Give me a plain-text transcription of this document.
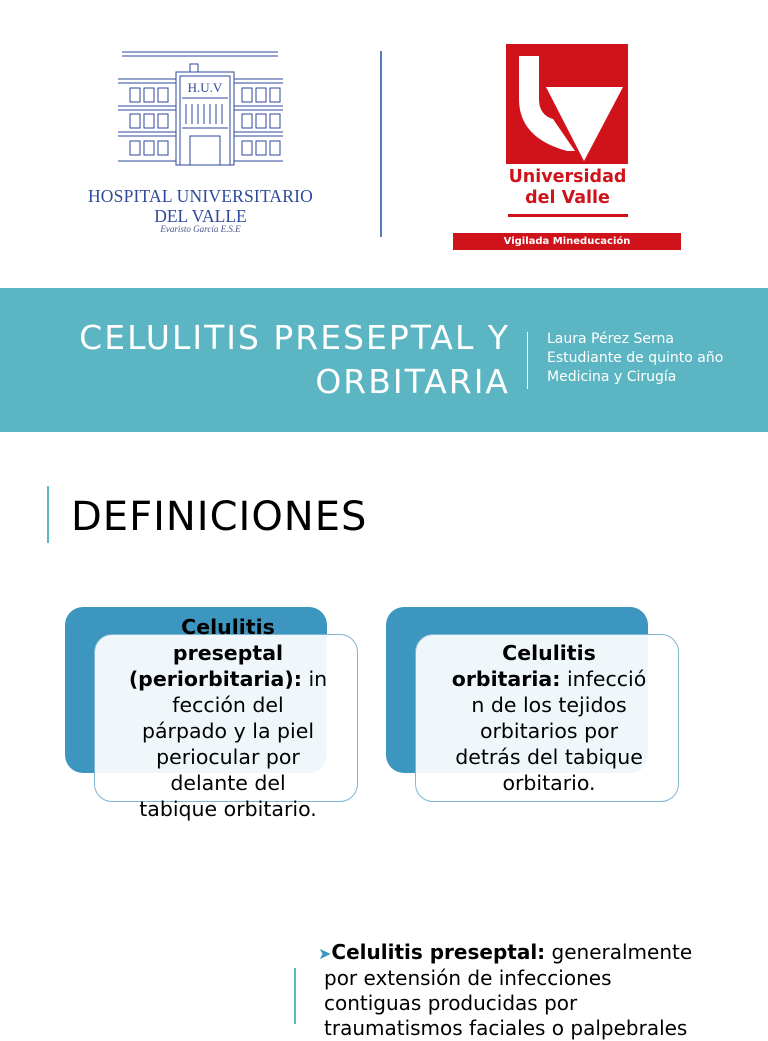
H.U.V
HOSPITAL UNIVERSITARIO
DEL VALLE
Evaristo García E.S.E
Universidad
del Valle
Vigilada Mineducación
CELULITIS PRESEPTAL Y
ORBITARIA
Laura Pérez Serna
Estudiante de quinto año
Medicina y Cirugía
DEFINICIONES
Celulitis
preseptal
(periorbitaria): in
fección del
párpado y la piel
periocular por
delante del
tabique orbitario.
Celulitis
orbitaria: infecció
n de los tejidos
orbitarios por
detrás del tabique
orbitario.
➤Celulitis preseptal: generalmente
por extensión de infecciones
contiguas producidas por
traumatismos faciales o palpebrales
